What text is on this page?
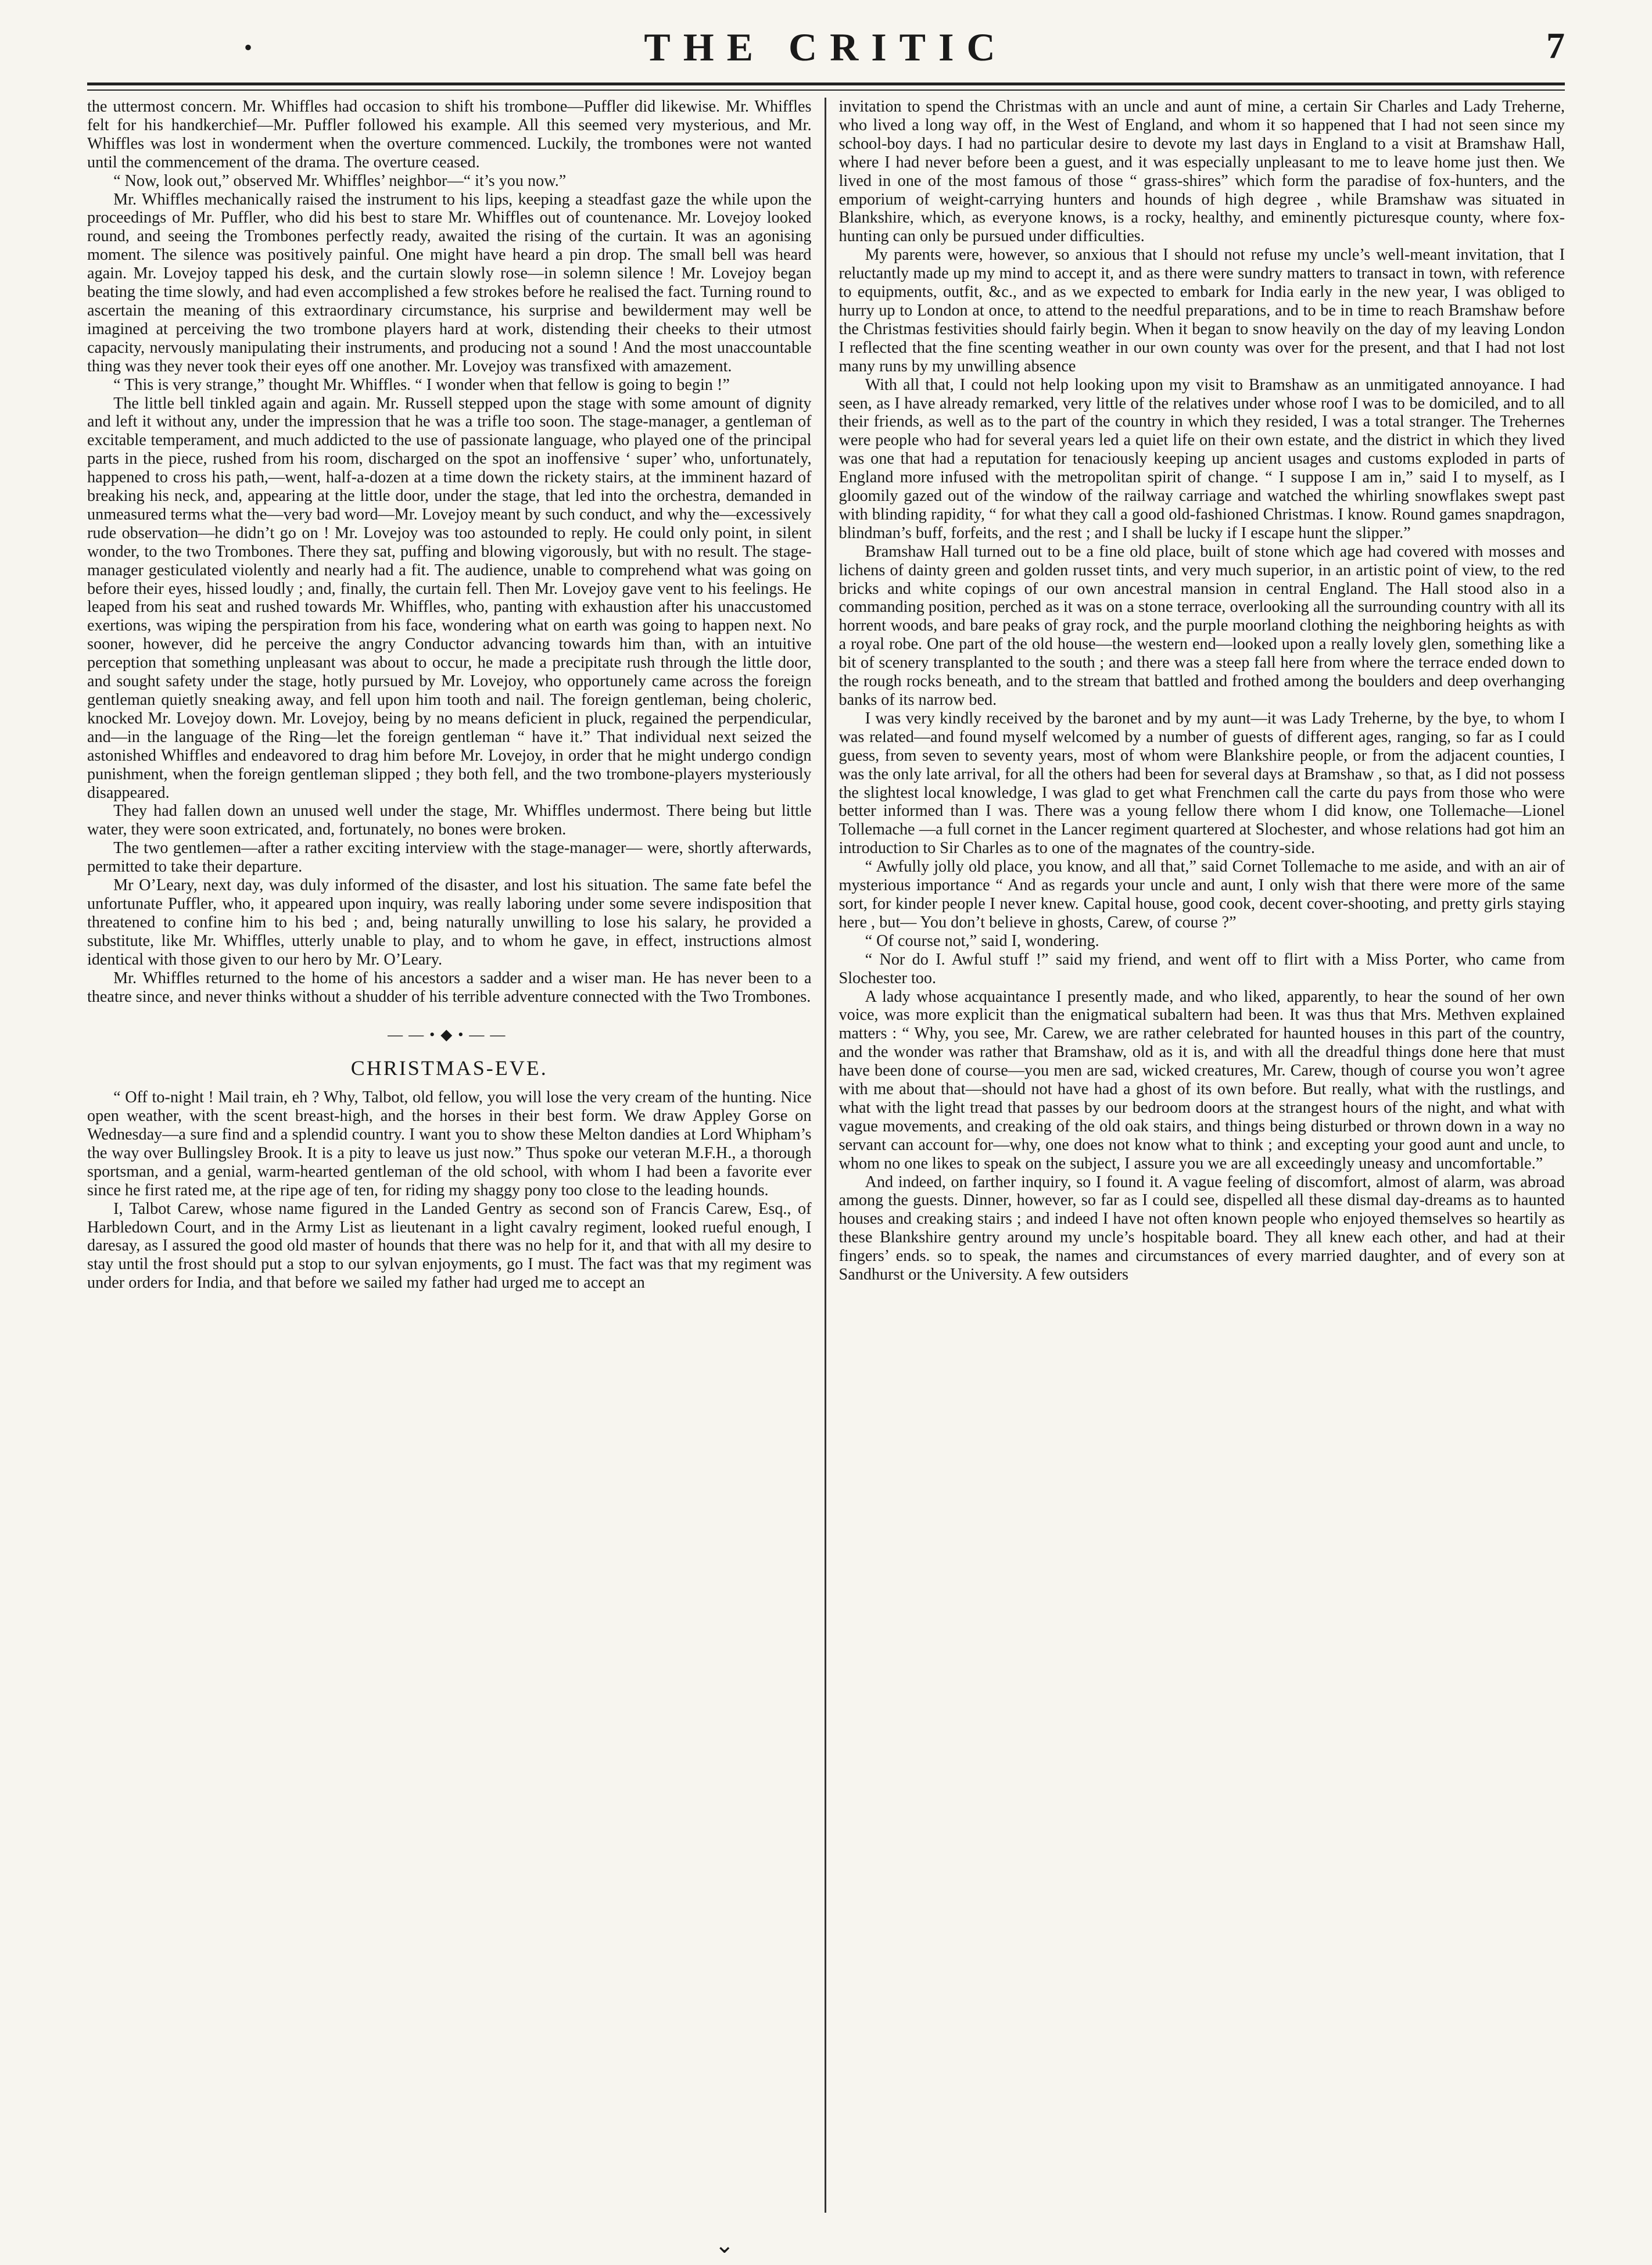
•	THE CRITIC	7

the uttermost concern. Mr. Whiffles had occasion to shift his trombone—Puffler did likewise. Mr. Whiffles felt for his handkerchief—Mr. Puffler followed his example. All this seemed very mysterious, and Mr. Whiffles was lost in wonderment when the overture commenced. Luckily, the trombones were not wanted until the commencement of the drama. The overture ceased.

“ Now, look out,” observed Mr. Whiffles’ neighbor—“ it’s you now.”

Mr. Whiffles mechanically raised the instrument to his lips, keeping a steadfast gaze the while upon the proceedings of Mr. Puffler, who did his best to stare Mr. Whiffles out of countenance. Mr. Lovejoy looked round, and seeing the Trombones perfectly ready, awaited the rising of the curtain. It was an agonising moment. The silence was positively painful. One might have heard a pin drop. The small bell was heard again. Mr. Lovejoy tapped his desk, and the curtain slowly rose—in solemn silence ! Mr. Lovejoy began beating the time slowly, and had even accomplished a few strokes before he realised the fact. Turning round to ascertain the meaning of this extraordinary circumstance, his surprise and bewilderment may well be imagined at perceiving the two trombone players hard at work, distending their cheeks to their utmost capacity, nervously manipulating their instruments, and producing not a sound ! And the most unaccountable thing was they never took their eyes off one another. Mr. Lovejoy was transfixed with amazement.

“ This is very strange,” thought Mr. Whiffles. “ I wonder when that fellow is going to begin !”

The little bell tinkled again and again. Mr. Russell stepped upon the stage with some amount of dignity and left it without any, under the impression that he was a trifle too soon. The stage-manager, a gentleman of excitable temperament, and much addicted to the use of passionate language, who played one of the principal parts in the piece, rushed from his room, discharged on the spot an inoffensive ‘ super’ who, unfortunately, happened to cross his path,—went, half-a-dozen at a time down the rickety stairs, at the imminent hazard of breaking his neck, and, appearing at the little door, under the stage, that led into the orchestra, demanded in unmeasured terms what the—very bad word—Mr. Lovejoy meant by such conduct, and why the—excessively rude observation—he didn’t go on ! Mr. Lovejoy was too astounded to reply. He could only point, in silent wonder, to the two Trombones. There they sat, puffing and blowing vigorously, but with no result. The stage-manager gesticulated violently and nearly had a fit. The audience, unable to comprehend what was going on before their eyes, hissed loudly ; and, finally, the curtain fell. Then Mr. Lovejoy gave vent to his feelings. He leaped from his seat and rushed towards Mr. Whiffles, who, panting with exhaustion after his unaccustomed exertions, was wiping the perspiration from his face, wondering what on earth was going to happen next. No sooner, however, did he perceive the angry Conductor advancing towards him than, with an intuitive perception that something unpleasant was about to occur, he made a precipitate rush through the little door, and sought safety under the stage, hotly pursued by Mr. Lovejoy, who opportunely came across the foreign gentleman quietly sneaking away, and fell upon him tooth and nail. The foreign gentleman, being choleric, knocked Mr. Lovejoy down. Mr. Lovejoy, being by no means deficient in pluck, regained the perpendicular, and—in the language of the Ring—let the foreign gentleman “ have it.” That individual next seized the astonished Whiffles and endeavored to drag him before Mr. Lovejoy, in order that he might undergo condign punishment, when the foreign gentleman slipped ; they both fell, and the two trombone-players mysteriously disappeared.

They had fallen down an unused well under the stage, Mr. Whiffles undermost. There being but little water, they were soon extricated, and, fortunately, no bones were broken.

The two gentlemen—after a rather exciting interview with the stage-manager— were, shortly afterwards, permitted to take their departure.

Mr O’Leary, next day, was duly informed of the disaster, and lost his situation. The same fate befel the unfortunate Puffler, who, it appeared upon inquiry, was really laboring under some severe indisposition that threatened to confine him to his bed ; and, being naturally unwilling to lose his salary, he provided a substitute, like Mr. Whiffles, utterly unable to play, and to whom he gave, in effect, instructions almost identical with those given to our hero by Mr. O’Leary.

Mr. Whiffles returned to the home of his ancestors a sadder and a wiser man. He has never been to a theatre since, and never thinks without a shudder of his terrible adventure connected with the Two Trombones.

——•◆•——
CHRISTMAS-EVE.

“ Off to-night ! Mail train, eh ? Why, Talbot, old fellow, you will lose the very cream of the hunting. Nice open weather, with the scent breast-high, and the horses in their best form. We draw Appley Gorse on Wednesday—a sure find and a splendid country. I want you to show these Melton dandies at Lord Whipham’s the way over Bullingsley Brook. It is a pity to leave us just now.” Thus spoke our veteran M.F.H., a thorough sportsman, and a genial, warm-hearted gentleman of the old school, with whom I had been a favorite ever since he first rated me, at the ripe age of ten, for riding my shaggy pony too close to the leading hounds.

I, Talbot Carew, whose name figured in the Landed Gentry as second son of Francis Carew, Esq., of Harbledown Court, and in the Army List as lieutenant in a light cavalry regiment, looked rueful enough, I daresay, as I assured the good old master of hounds that there was no help for it, and that with all my desire to stay until the frost should put a stop to our sylvan enjoyments, go I must. The fact was that my regiment was under orders for India, and that before we sailed my father had urged me to accept an

invitation to spend the Christmas with an uncle and aunt of mine, a certain Sir Charles and Lady Treherne, who lived a long way off, in the West of England, and whom it so happened that I had not seen since my school-boy days. I had no particular desire to devote my last days in England to a visit at Bramshaw Hall, where I had never before been a guest, and it was especially unpleasant to me to leave home just then. We lived in one of the most famous of those “ grass-shires” which form the paradise of fox-hunters, and the emporium of weight-carrying hunters and hounds of high degree , while Bramshaw was situated in Blankshire, which, as everyone knows, is a rocky, healthy, and eminently picturesque county, where fox-hunting can only be pursued under difficulties.

My parents were, however, so anxious that I should not refuse my uncle’s well-meant invitation, that I reluctantly made up my mind to accept it, and as there were sundry matters to transact in town, with reference to equipments, outfit, &c., and as we expected to embark for India early in the new year, I was obliged to hurry up to London at once, to attend to the needful preparations, and to be in time to reach Bramshaw before the Christmas festivities should fairly begin. When it began to snow heavily on the day of my leaving London I reflected that the fine scenting weather in our own county was over for the present, and that I had not lost many runs by my unwilling absence

With all that, I could not help looking upon my visit to Bramshaw as an unmitigated annoyance. I had seen, as I have already remarked, very little of the relatives under whose roof I was to be domiciled, and to all their friends, as well as to the part of the country in which they resided, I was a total stranger. The Trehernes were people who had for several years led a quiet life on their own estate, and the district in which they lived was one that had a reputation for tenaciously keeping up ancient usages and customs exploded in parts of England more infused with the metropolitan spirit of change. “ I suppose I am in,” said I to myself, as I gloomily gazed out of the window of the railway carriage and watched the whirling snowflakes swept past with blinding rapidity, “ for what they call a good old-fashioned Christmas. I know. Round games snapdragon, blindman’s buff, forfeits, and the rest ; and I shall be lucky if I escape hunt the slipper.”

Bramshaw Hall turned out to be a fine old place, built of stone which age had covered with mosses and lichens of dainty green and golden russet tints, and very much superior, in an artistic point of view, to the red bricks and white copings of our own ancestral mansion in central England. The Hall stood also in a commanding position, perched as it was on a stone terrace, overlooking all the surrounding country with all its horrent woods, and bare peaks of gray rock, and the purple moorland clothing the neighboring heights as with a royal robe. One part of the old house—the western end—looked upon a really lovely glen, something like a bit of scenery transplanted to the south ; and there was a steep fall here from where the terrace ended down to the rough rocks beneath, and to the stream that battled and frothed among the boulders and deep overhanging banks of its narrow bed.

I was very kindly received by the baronet and by my aunt—it was Lady Treherne, by the bye, to whom I was related—and found myself welcomed by a number of guests of different ages, ranging, so far as I could guess, from seven to seventy years, most of whom were Blankshire people, or from the adjacent counties, I was the only late arrival, for all the others had been for several days at Bramshaw , so that, as I did not possess the slightest local knowledge, I was glad to get what Frenchmen call the carte du pays from those who were better informed than I was. There was a young fellow there whom I did know, one Tollemache—Lionel Tollemache —a full cornet in the Lancer regiment quartered at Slochester, and whose relations had got him an introduction to Sir Charles as to one of the magnates of the country-side.

“ Awfully jolly old place, you know, and all that,” said Cornet Tollemache to me aside, and with an air of mysterious importance “ And as regards your uncle and aunt, I only wish that there were more of the same sort, for kinder people I never knew. Capital house, good cook, decent cover-shooting, and pretty girls staying here , but— You don’t believe in ghosts, Carew, of course ?”

“ Of course not,” said I, wondering.

“ Nor do I. Awful stuff !” said my friend, and went off to flirt with a Miss Porter, who came from Slochester too.

A lady whose acquaintance I presently made, and who liked, apparently, to hear the sound of her own voice, was more explicit than the enigmatical subaltern had been. It was thus that Mrs. Methven explained matters : “ Why, you see, Mr. Carew, we are rather celebrated for haunted houses in this part of the country, and the wonder was rather that Bramshaw, old as it is, and with all the dreadful things done here that must have been done of course—you men are sad, wicked creatures, Mr. Carew, though of course you won’t agree with me about that—should not have had a ghost of its own before. But really, what with the rustlings, and what with the light tread that passes by our bedroom doors at the strangest hours of the night, and what with vague movements, and creaking of the old oak stairs, and things being disturbed or thrown down in a way no servant can account for—why, one does not know what to think ; and excepting your good aunt and uncle, to whom no one likes to speak on the subject, I assure you we are all exceedingly uneasy and uncomfortable.”

And indeed, on farther inquiry, so I found it. A vague feeling of discomfort, almost of alarm, was abroad among the guests. Dinner, however, so far as I could see, dispelled all these dismal day-dreams as to haunted houses and creaking stairs ; and indeed I have not often known people who enjoyed themselves so heartily as these Blankshire gentry around my uncle’s hospitable board. They all knew each other, and had at their fingers’ ends. so to speak, the names and circumstances of every married daughter, and of every son at Sandhurst or the University. A few outsiders

⌄
